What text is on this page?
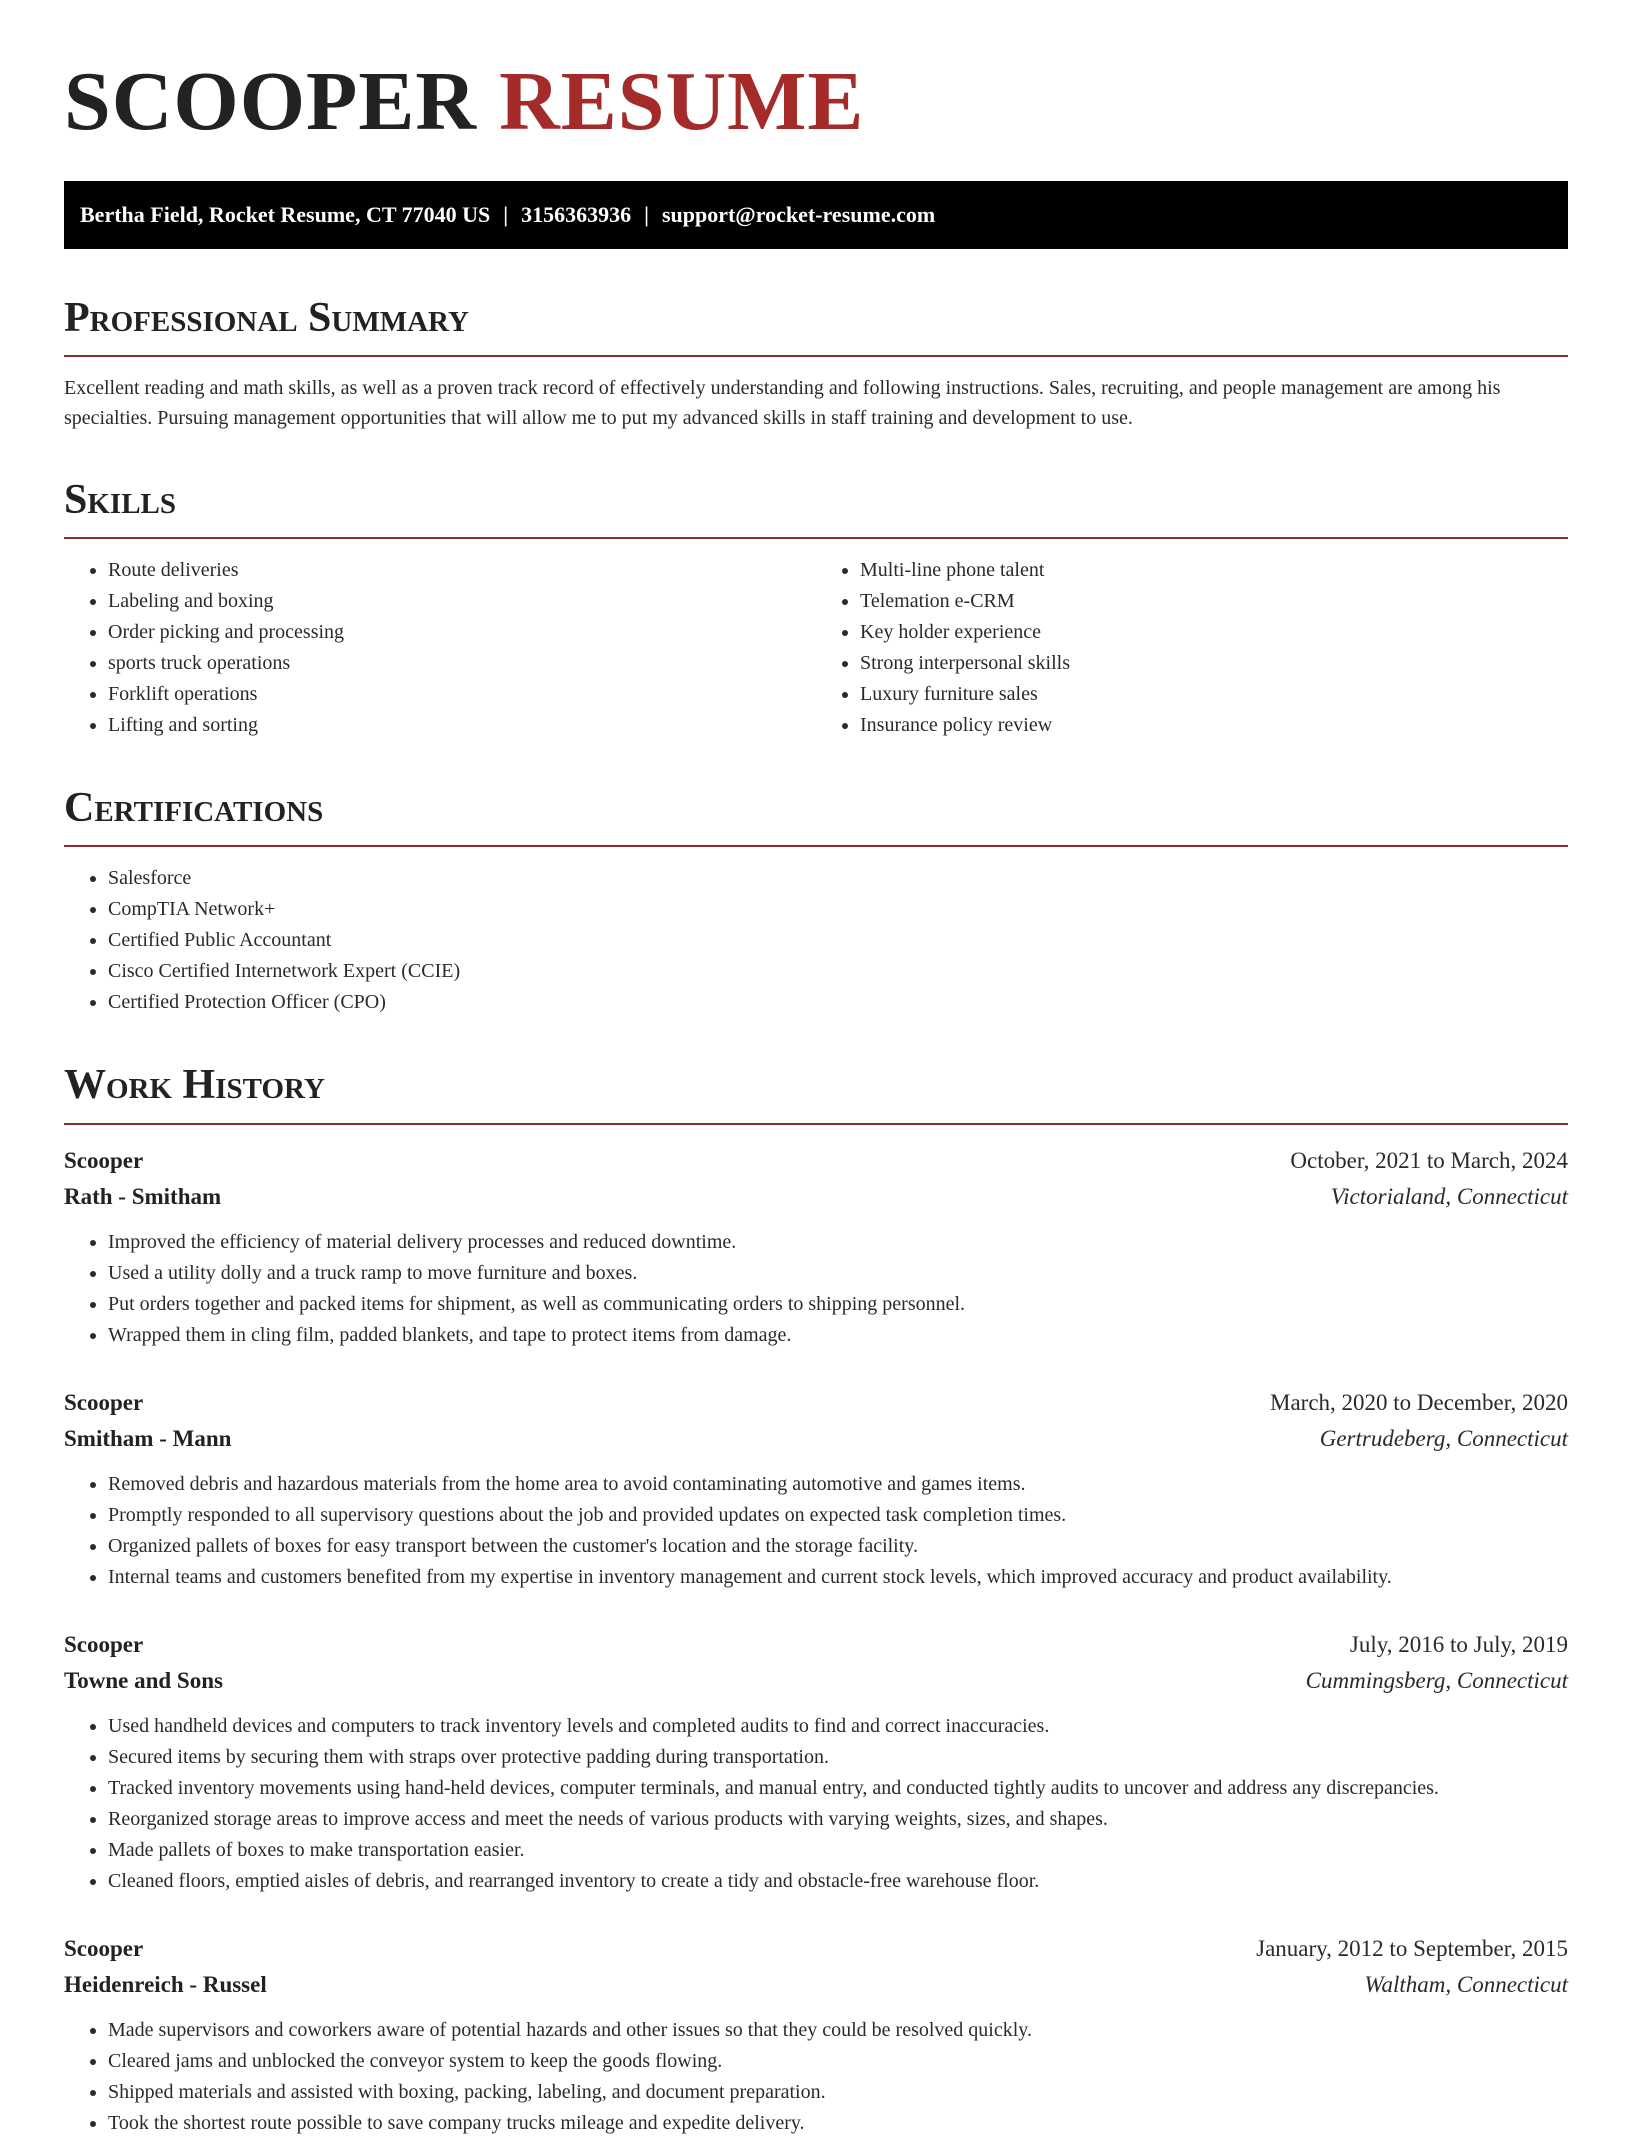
SCOOPER RESUME
Bertha Field, Rocket Resume, CT 77040 US | 3156363936 | support@rocket-resume.com
Professional Summary

Excellent reading and math skills, as well as a proven track record of effectively understanding and following instructions. Sales, recruiting, and people management are among his specialties. Pursuing management opportunities that will allow me to put my advanced skills in staff training and development to use.

Skills
• Route deliveries
• Labeling and boxing
• Order picking and processing
• sports truck operations
• Forklift operations
• Lifting and sorting
• Multi-line phone talent
• Telemation e-CRM
• Key holder experience
• Strong interpersonal skills
• Luxury furniture sales
• Insurance policy review
Certifications
• Salesforce
• CompTIA Network+
• Certified Public Accountant
• Cisco Certified Internetwork Expert (CCIE)
• Certified Protection Officer (CPO)
Work History
Scooper	October, 2021 to March, 2024
Rath - Smitham	Victorialand, Connecticut
• Improved the efficiency of material delivery processes and reduced downtime.
• Used a utility dolly and a truck ramp to move furniture and boxes.
• Put orders together and packed items for shipment, as well as communicating orders to shipping personnel.
• Wrapped them in cling film, padded blankets, and tape to protect items from damage.
Scooper	March, 2020 to December, 2020
Smitham - Mann	Gertrudeberg, Connecticut
• Removed debris and hazardous materials from the home area to avoid contaminating automotive and games items.
• Promptly responded to all supervisory questions about the job and provided updates on expected task completion times.
• Organized pallets of boxes for easy transport between the customer's location and the storage facility.
• Internal teams and customers benefited from my expertise in inventory management and current stock levels, which improved accuracy and product availability.
Scooper	July, 2016 to July, 2019
Towne and Sons	Cummingsberg, Connecticut
• Used handheld devices and computers to track inventory levels and completed audits to find and correct inaccuracies.
• Secured items by securing them with straps over protective padding during transportation.
• Tracked inventory movements using hand-held devices, computer terminals, and manual entry, and conducted tightly audits to uncover and address any discrepancies.
• Reorganized storage areas to improve access and meet the needs of various products with varying weights, sizes, and shapes.
• Made pallets of boxes to make transportation easier.
• Cleaned floors, emptied aisles of debris, and rearranged inventory to create a tidy and obstacle-free warehouse floor.
Scooper	January, 2012 to September, 2015
Heidenreich - Russel	Waltham, Connecticut
• Made supervisors and coworkers aware of potential hazards and other issues so that they could be resolved quickly.
• Cleared jams and unblocked the conveyor system to keep the goods flowing.
• Shipped materials and assisted with boxing, packing, labeling, and document preparation.
• Took the shortest route possible to save company trucks mileage and expedite delivery.
